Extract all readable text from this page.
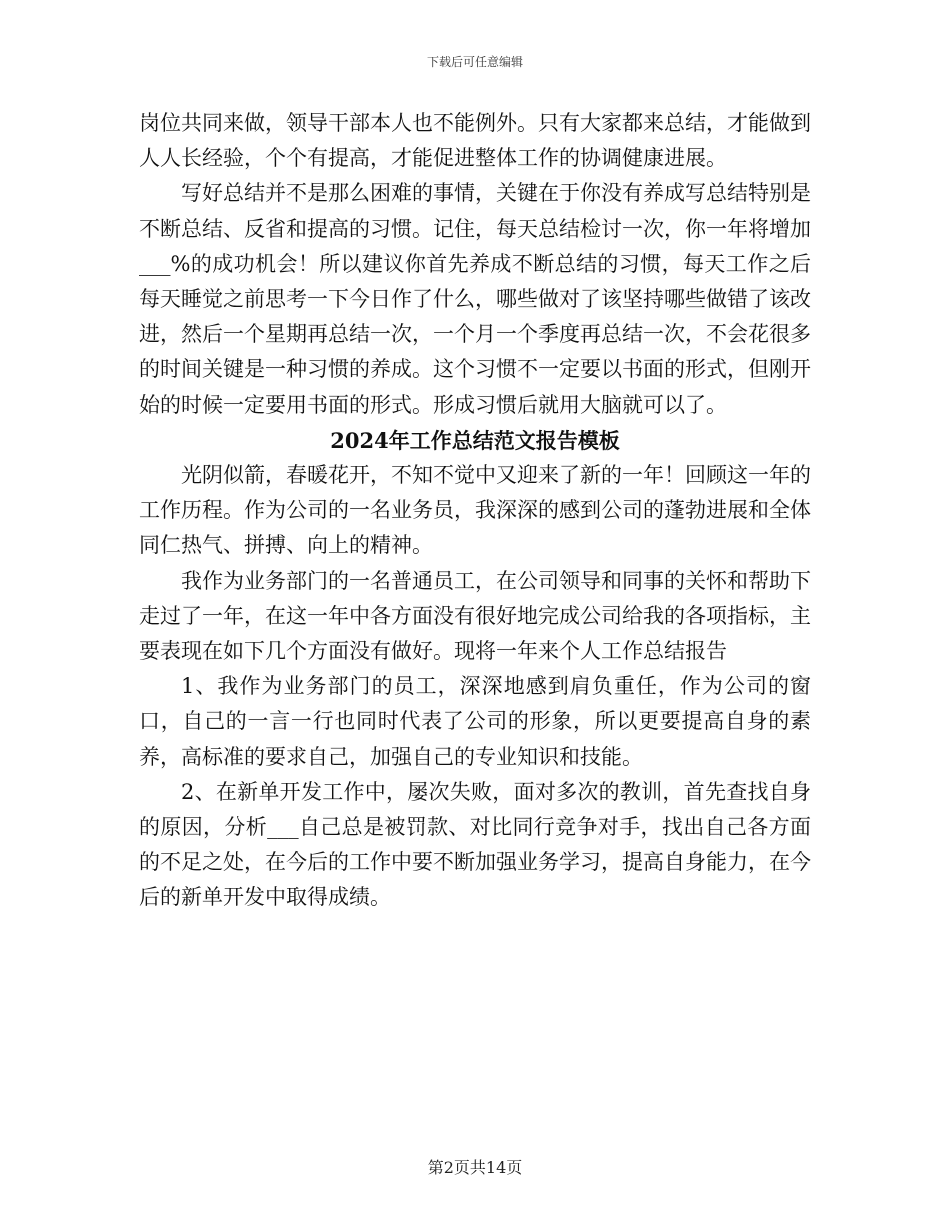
下载后可任意编辑

岗位共同来做，领导干部本人也不能例外。只有大家都来总结，才能做到人人长经验，个个有提高，才能促进整体工作的协调健康进展。

写好总结并不是那么困难的事情，关键在于你没有养成写总结特别是不断总结、反省和提高的习惯。记住，每天总结检讨一次，你一年将增加___%的成功机会！所以建议你首先养成不断总结的习惯，每天工作之后每天睡觉之前思考一下今日作了什么，哪些做对了该坚持哪些做错了该改进，然后一个星期再总结一次，一个月一个季度再总结一次，不会花很多的时间关键是一种习惯的养成。这个习惯不一定要以书面的形式，但刚开始的时候一定要用书面的形式。形成习惯后就用大脑就可以了。

2024年工作总结范文报告模板

光阴似箭，春暖花开，不知不觉中又迎来了新的一年！回顾这一年的工作历程。作为公司的一名业务员，我深深的感到公司的蓬勃进展和全体同仁热气、拼搏、向上的精神。

我作为业务部门的一名普通员工，在公司领导和同事的关怀和帮助下走过了一年，在这一年中各方面没有很好地完成公司给我的各项指标，主要表现在如下几个方面没有做好。现将一年来个人工作总结报告

1、我作为业务部门的员工，深深地感到肩负重任，作为公司的窗口，自己的一言一行也同时代表了公司的形象，所以更要提高自身的素养，高标准的要求自己，加强自己的专业知识和技能。

2、在新单开发工作中，屡次失败，面对多次的教训，首先查找自身的原因，分析___自己总是被罚款、对比同行竞争对手，找出自己各方面的不足之处，在今后的工作中要不断加强业务学习，提高自身能力，在今后的新单开发中取得成绩。

第2页共14页
